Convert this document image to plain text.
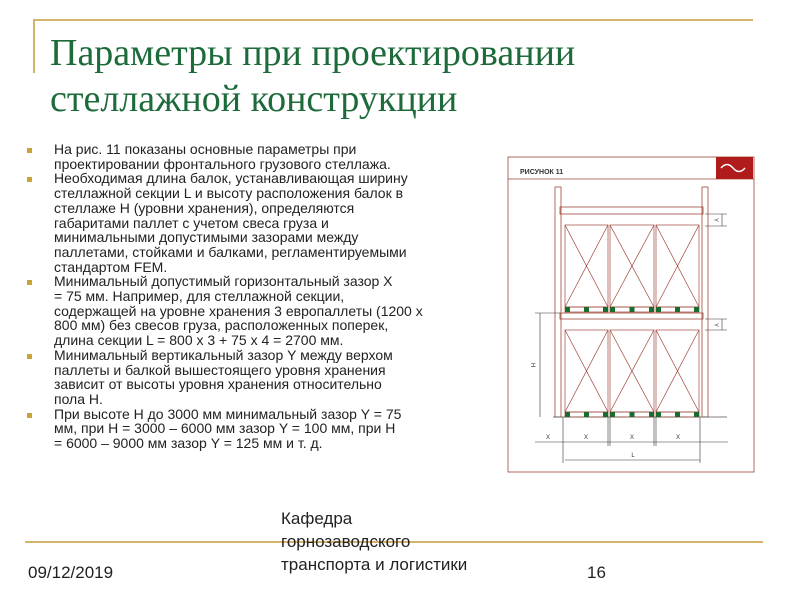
Параметры при проектировании
стеллажной конструкции
На рис. 11 показаны основные параметры при
проектировании фронтального грузового стеллажа.
Необходимая длина балок, устанавливающая ширину
стеллажной секции L и высоту расположения балок в
стеллаже Н (уровни хранения), определяются
габаритами паллет с учетом свеса груза и
минимальными допустимыми зазорами между
паллетами, стойками и балками, регламентируемыми
стандартом FEM.
Минимальный допустимый горизонтальный зазор X
= 75 мм. Например, для стеллажной секции,
содержащей на уровне хранения 3 европаллеты (1200 х
800 мм) без свесов груза, расположенных поперек,
длина секции L = 800 х 3 + 75 х 4 = 2700 мм.
Минимальный вертикальный зазор Y между верхом
паллеты и балкой вышестоящего уровня хранения
зависит от высоты уровня хранения относительно
пола Н.
При высоте Н до 3000 мм минимальный зазор Y = 75
мм, при Н = 3000 – 6000 мм зазор Y = 100 мм, при Н
= 6000 – 9000 мм зазор Y = 125 мм и т. д.
РИСУНОК 11
Y
Y
H
X	X	X	X
L
09/12/2019
Кафедра
горнозаводского
транспорта и логистики	16
